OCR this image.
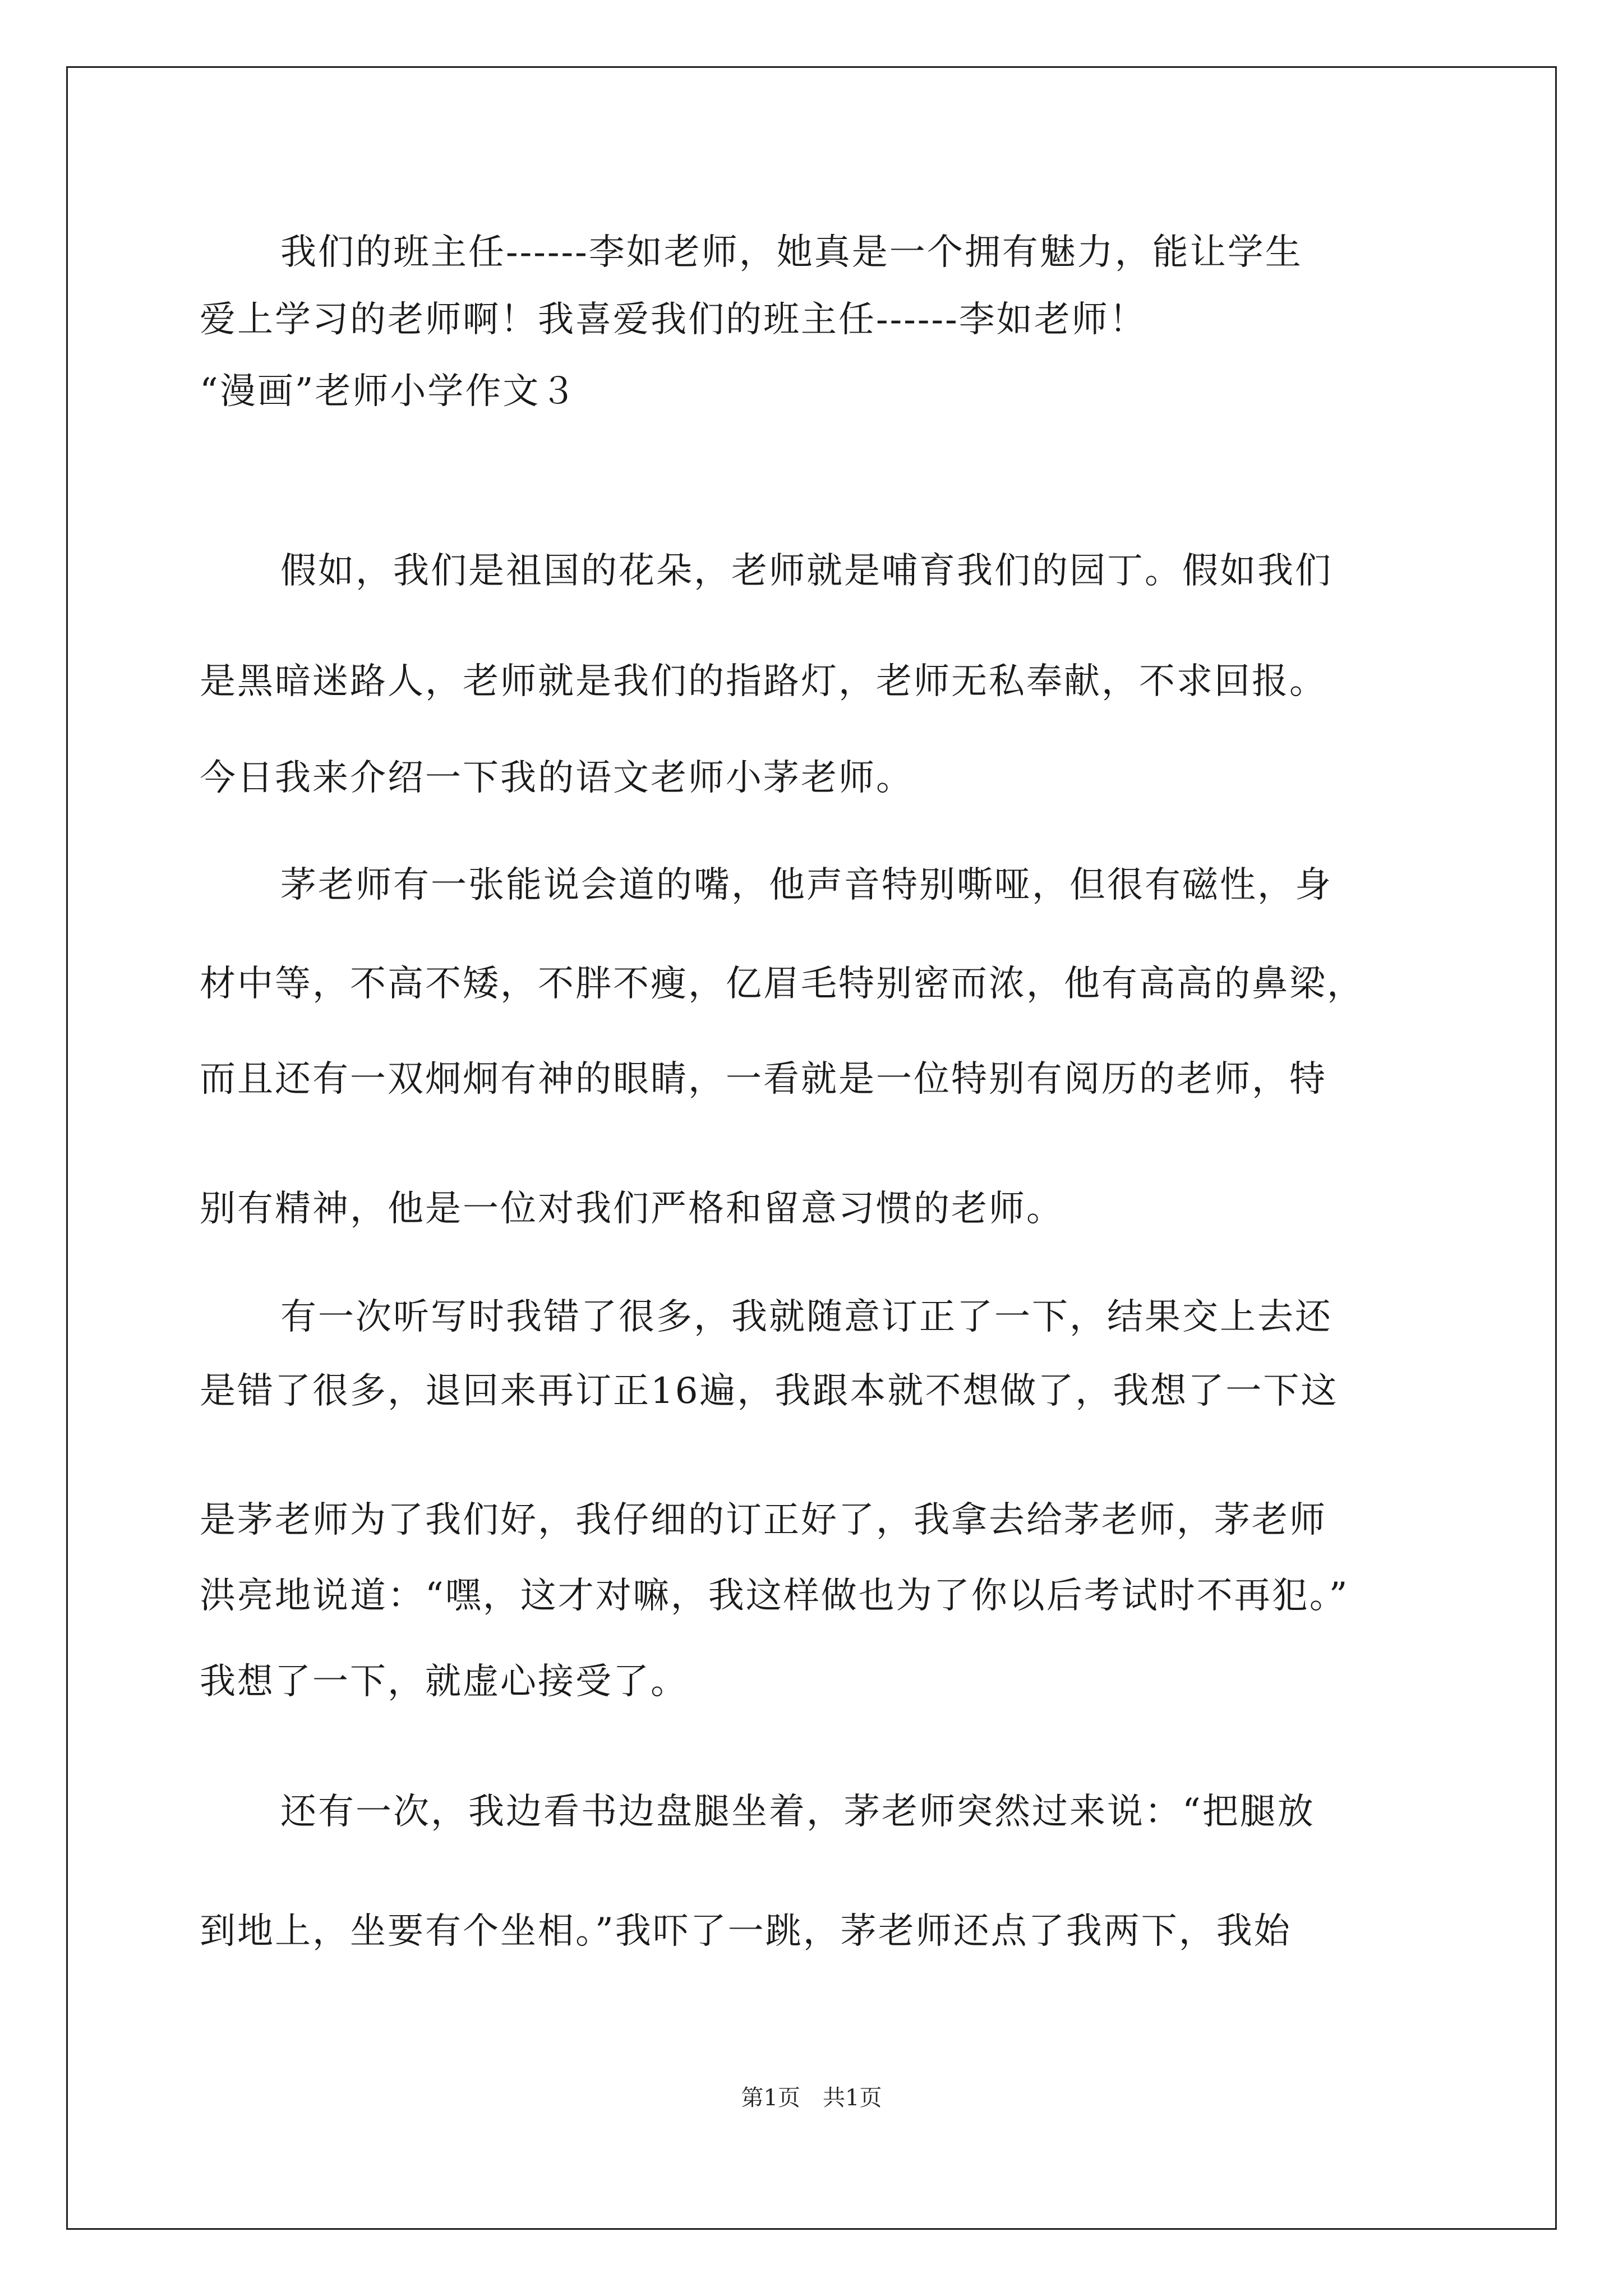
我们的班主任------李如老师，她真是一个拥有魅力，能让学生
爱上学习的老师啊！我喜爱我们的班主任------李如老师！
“漫画”老师小学作文３
假如，我们是祖国的花朵，老师就是哺育我们的园丁。假如我们
是黑暗迷路人，老师就是我们的指路灯，老师无私奉献，不求回报。
今日我来介绍一下我的语文老师小茅老师。
茅老师有一张能说会道的嘴，他声音特别嘶哑，但很有磁性，身
材中等，不高不矮，不胖不瘦，亿眉毛特别密而浓，他有高高的鼻梁，
而且还有一双炯炯有神的眼睛，一看就是一位特别有阅历的老师，特
别有精神，他是一位对我们严格和留意习惯的老师。
有一次听写时我错了很多，我就随意订正了一下，结果交上去还
是错了很多，退回来再订正16遍，我跟本就不想做了，我想了一下这
是茅老师为了我们好，我仔细的订正好了，我拿去给茅老师，茅老师
洪亮地说道：“嘿，这才对嘛，我这样做也为了你以后考试时不再犯。”
我想了一下，就虚心接受了。
还有一次，我边看书边盘腿坐着，茅老师突然过来说：“把腿放
到地上，坐要有个坐相。”我吓了一跳，茅老师还点了我两下，我始
第1页　共1页
